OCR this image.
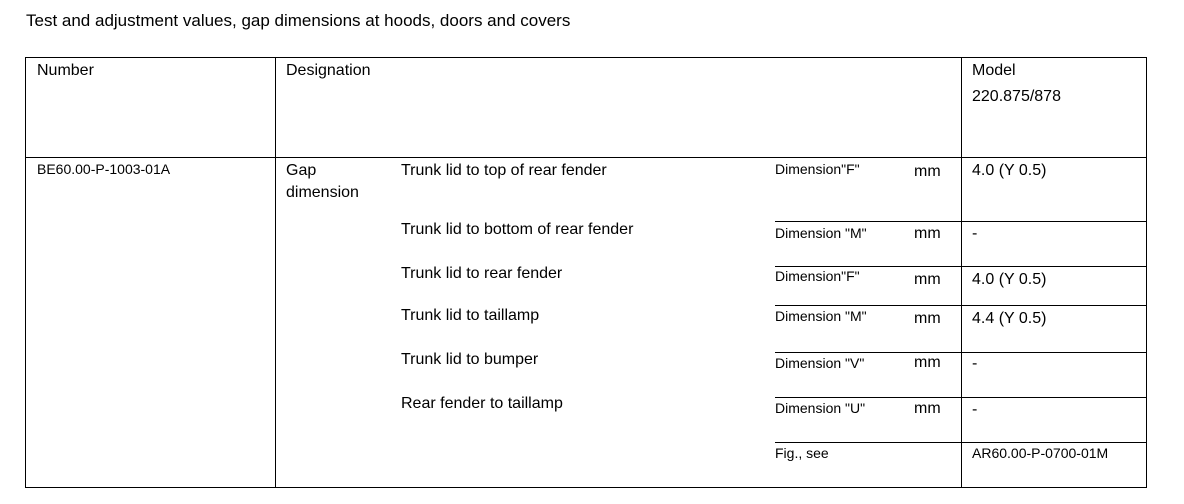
Test and adjustment values, gap dimensions at hoods, doors and covers
Number	Designation	Model
220.875/878
BE60.00-P-1003-01A	Gap
dimension
Trunk lid to top of rear fender	Dimension"F"	mm 4.0 (Y 0.5)
Trunk lid to bottom of rear fender	Dimension "M"	mm -
Trunk lid to rear fender	Dimension"F"	mm 4.0 (Y 0.5)
Trunk lid to taillamp	Dimension "M"	mm 4.4 (Y 0.5)
Trunk lid to bumper	Dimension "V"	mm -
Rear fender to taillamp	Dimension "U"	mm -
Fig., see	AR60.00-P-0700-01M
